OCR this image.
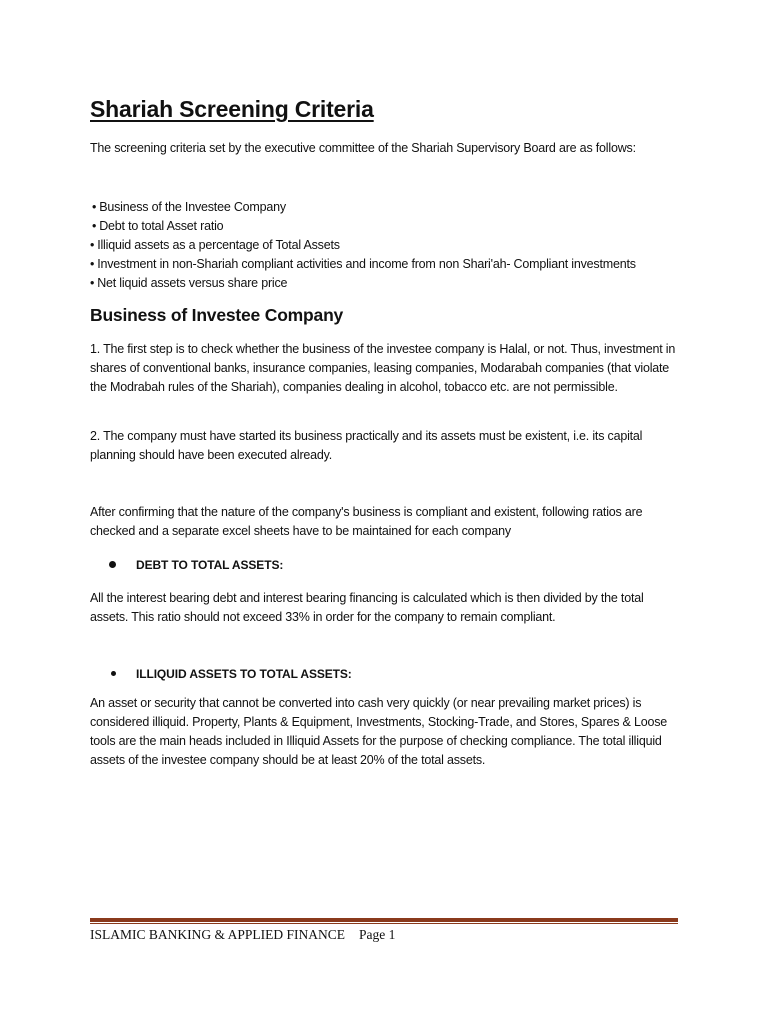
Shariah Screening Criteria

The screening criteria set by the executive committee of the Shariah Supervisory Board are as follows:

• Business of the Investee Company
• Debt to total Asset ratio
• Illiquid assets as a percentage of Total Assets
• Investment in non-Shariah compliant activities and income from non Shari'ah- Compliant investments
• Net liquid assets versus share price
Business of Investee Company

1. The first step is to check whether the business of the investee company is Halal, or not. Thus, investment in shares of conventional banks, insurance companies, leasing companies, Modarabah companies (that violate the Modrabah rules of the Shariah), companies dealing in alcohol, tobacco etc. are not permissible.

2. The company must have started its business practically and its assets must be existent, i.e. its capital planning should have been executed already.

After confirming that the nature of the company's business is compliant and existent, following ratios are checked and a separate excel sheets have to be maintained for each company

DEBT TO TOTAL ASSETS:

All the interest bearing debt and interest bearing financing is calculated which is then divided by the total assets. This ratio should not exceed 33% in order for the company to remain compliant.

ILLIQUID ASSETS TO TOTAL ASSETS:

An asset or security that cannot be converted into cash very quickly (or near prevailing market prices) is considered illiquid. Property, Plants & Equipment, Investments, Stocking-Trade, and Stores, Spares & Loose tools are the main heads included in Illiquid Assets for the purpose of checking compliance. The total illiquid assets of the investee company should be at least 20% of the total assets.

ISLAMIC BANKING & APPLIED FINANCE Page 1
